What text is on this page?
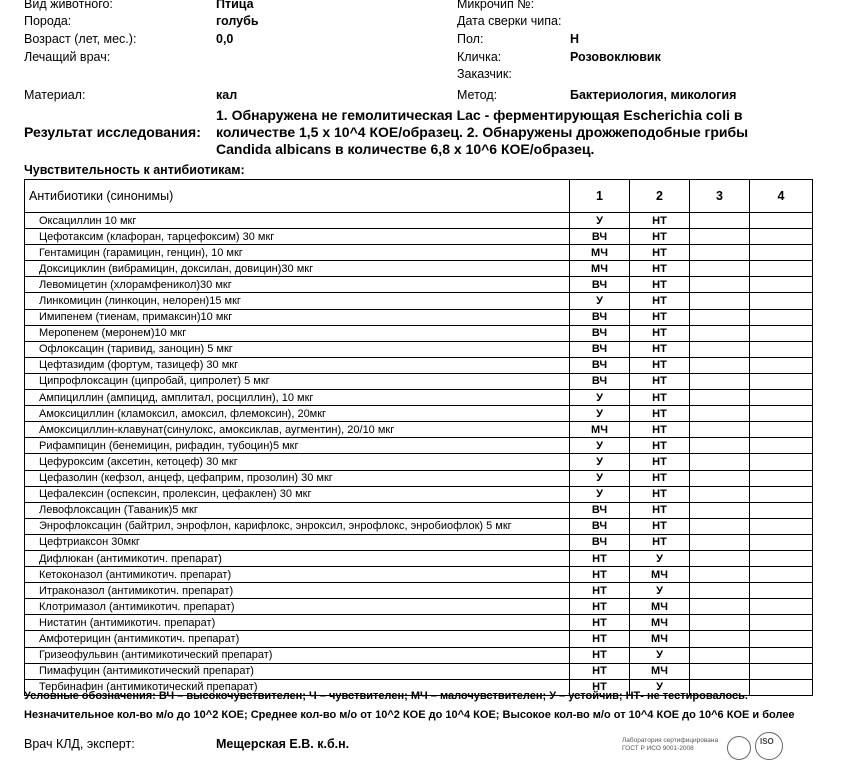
Вид животного:	Птица
Порода:	голубь
Возраст (лет, мес.):	0,0
Лечащий врач:
Микрочип №:
Дата сверки чипа:
Пол:	Н
Кличка:	Розовоклювик
Заказчик:
Материал:	кал	Метод:	Бактериология, микология
Результат исследования:
1. Обнаружена не гемолитическая Lac - ферментирующая Escherichia coli в количестве 1,5 х 10^4 КОЕ/образец. 2. Обнаружены дрожжеподобные грибы Candida albicans в количестве 6,8 х 10^6 КОЕ/образец.
Чувствительность к антибиотикам:
Антибиотики (синонимы)	1	2	3	4
Оксациллин 10 мкг	У	НТ		
Цефотаксим (клафоран, тарцефоксим) 30 мкг	ВЧ	НТ		
Гентамицин (гарамицин, генцин), 10 мкг	МЧ	НТ		
Доксициклин (вибрамицин, доксилан, довицин)30 мкг	МЧ	НТ		
Левомицетин (хлорамфеникол)30 мкг	ВЧ	НТ		
Линкомицин (линкоцин, нелорен)15 мкг	У	НТ		
Имипенем (тиенам, примаксин)10 мкг	ВЧ	НТ		
Меропенем (меронем)10 мкг	ВЧ	НТ		
Офлоксацин (таривид, заноцин) 5 мкг	ВЧ	НТ		
Цефтазидим (фортум, тазицеф) 30 мкг	ВЧ	НТ		
Ципрофлоксацин (ципробай, ципролет) 5 мкг	ВЧ	НТ		
Ампициллин (ампицид, амплитал, росциллин), 10 мкг	У	НТ		
Амоксициллин (кламоксил, амоксил, флемоксин), 20мкг	У	НТ		
Амоксициллин-клавунат(синулокс, амоксиклав, аугментин), 20/10 мкг	МЧ	НТ		
Рифампицин (бенемицин, рифадин, тубоцин)5 мкг	У	НТ		
Цефуроксим (аксетин, кетоцеф) 30 мкг	У	НТ		
Цефазолин (кефзол, анцеф, цефаприм, прозолин) 30 мкг	У	НТ		
Цефалексин (оспексин, пролексин, цефаклен) 30 мкг	У	НТ		
Левофлоксацин (Таваник)5 мкг	ВЧ	НТ		
Энрофлоксацин (байтрил, энрофлон, карифлокс, энроксил, энрофлокс, энробиофлок) 5 мкг	ВЧ	НТ		
Цефтриаксон 30мкг	ВЧ	НТ		
Дифлюкан (антимикотич. препарат)	НТ	У		
Кетоконазол (антимикотич. препарат)	НТ	МЧ		
Итраконазол (антимикотич. препарат)	НТ	У		
Клотримазол (антимикотич. препарат)	НТ	МЧ		
Нистатин (антимикотич. препарат)	НТ	МЧ		
Амфотерицин (антимикотич. препарат)	НТ	МЧ		
Гризеофульвин (антимикотический препарат)	НТ	У		
Пимафуцин (антимикотический препарат)	НТ	МЧ		
Тербинафин (антимикотический препарат)	НТ	У		
Условные обозначения: ВЧ – высокочувствителен; Ч – чувствителен; МЧ – малочувствителен; У – устойчив; НТ- не тестировалось.
Незначительное кол-во м/о до 10^2 КОЕ; Среднее кол-во м/о от 10^2 КОЕ до 10^4 КОЕ; Высокое кол-во м/о от 10^4 КОЕ до 10^6 КОЕ и более
Врач КЛД, эксперт:	Мещерская Е.В. к.б.н.	Лаборатория сертифицирована
ГОСТ Р ИСО 9001-2008
ISO
